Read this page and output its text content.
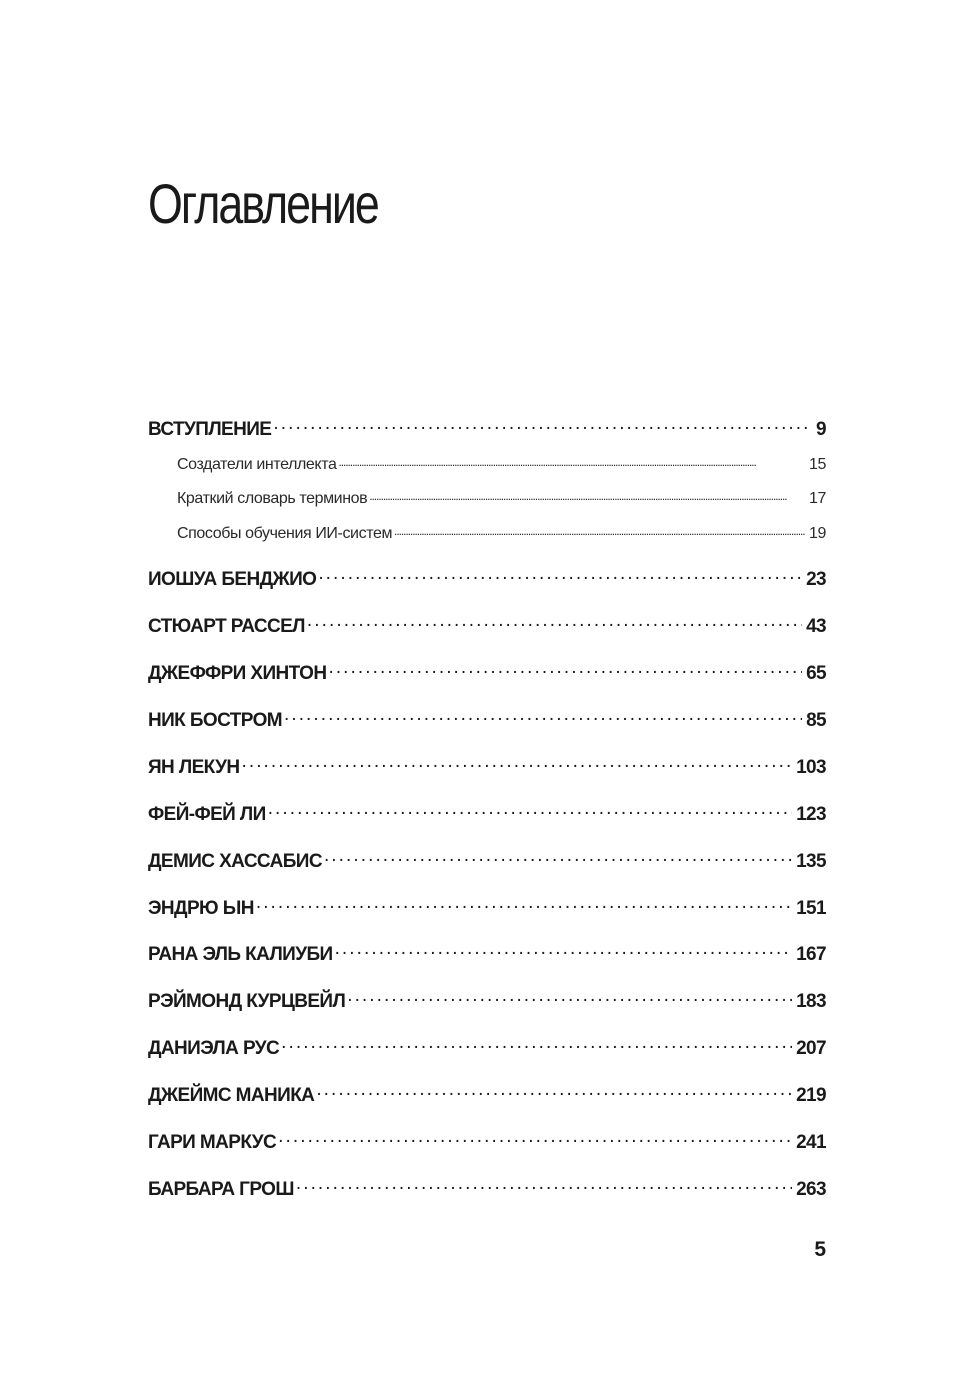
Оглавление
ВСТУПЛЕНИЕ . . .	9
Создатели интеллекта . . .	15
Краткий словарь терминов . . .	17
Способы обучения ИИ-систем . . .	19
ИОШУА БЕНДЖИО . . .	23
СТЮАРТ РАССЕЛ . . .	43
ДЖЕФФРИ ХИНТОН . . .	65
НИК БОСТРОМ . . .	85
ЯН ЛЕКУН . . .	103
ФЕЙ-ФЕЙ ЛИ . . .	123
ДЕМИС ХАССАБИС . . .	135
ЭНДРЮ ЫН . . .	151
РАНА ЭЛЬ КАЛИУБИ . . .	167
РЭЙМОНД КУРЦВЕЙЛ . . .	183
ДАНИЭЛА РУС . . .	207
ДЖЕЙМС МАНИКА . . .	219
ГАРИ МАРКУС . . .	241
БАРБАРА ГРОШ . . .	263
5
